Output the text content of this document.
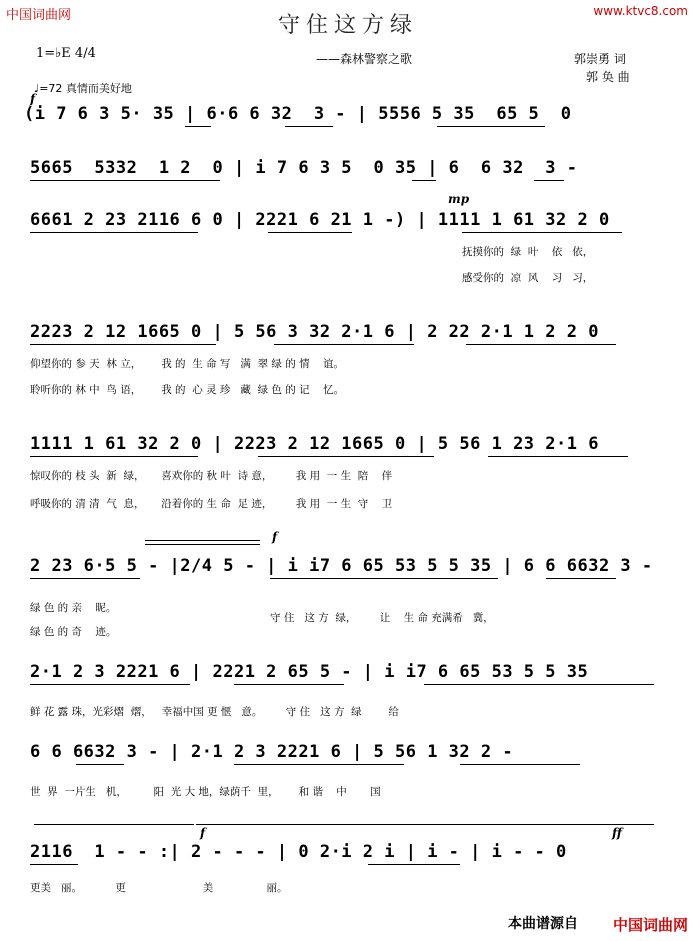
中国词曲网	www.ktvc8.com
守住这方绿
——森林警察之歌	郭崇勇 词
郭 奂 曲
1=♭E 4/4
♩=72 真情而美好地
f
mp
f
f	ff
(i 7 6 3 5· 35 | 6·6 6 32  3 - | 5556 5 35  65 5  0
5665  5332  1 2  0 | i 7 6 3 5  0 35 | 6  6 32  3 -
6661 2 23 2116 6 0 | 2221 6 21 1 -) | 1111 1 61 32 2 0
抚摸你的  绿  叶    依   依，
感受你的  凉  风    习   习，
2223 2 12 1665 0 | 5 56 3 32 2·1 6 | 2 22 2·1 1 2 2 0
仰望你的 参 天  林 立，      我 的  生 命 写   满  翠 绿 的 情    谊。
聆听你的 林 中  鸟 语，      我 的  心 灵 珍   藏  绿 色 的 记    忆。
1111 1 61 32 2 0 | 2223 2 12 1665 0 | 5 56 1 23 2·1 6
惊叹你的 枝 头  新  绿，     喜欢你的 秋 叶  诗 意，       我 用  一 生  陪    伴
呼吸你的 清 清  气  息，     沿着你的 生 命  足 迹，       我 用  一 生  守    卫
2 23 6·5 5 - |2/4 5 - | i i7 6 65 53 5 5 35 | 6 6 6632 3 -
绿 色 的 亲    昵。
绿 色 的 奇    迹。
守 住   这 方  绿，       让    生 命 充满希   冀，
2·1 2 3 2221 6 | 2221 2 65 5 - | i i7 6 65 53 5 5 35
鲜 花 露 珠，光彩熠  熠，   幸福中国 更 惬   意。       守 住   这 方  绿        给
6 6 6632 3 - | 2·1 2 3 2221 6 | 5 56 1 32 2 -
世  界  一片生   机，        阳  光 大 地，绿荫千  里，      和 谐    中       国
2116  1 - - :| 2 - - - | 0 2·i 2 i | i - | i - - 0
更美   丽。          更                       美                丽。
本曲谱源自 中国词曲网
